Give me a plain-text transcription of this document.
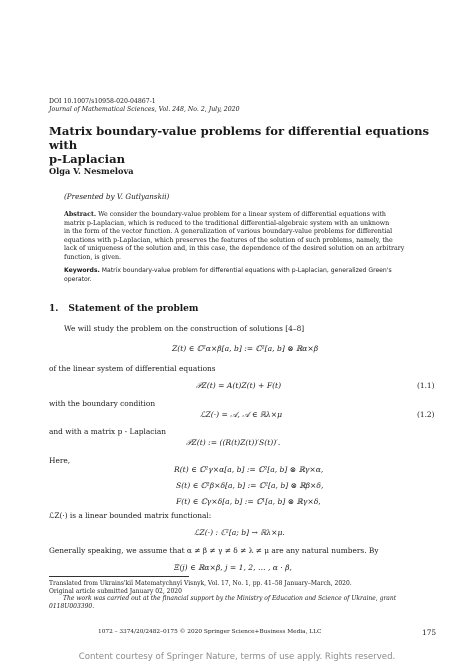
DOI 10.1007/s10958-020-04867-1
Journal of Mathematical Sciences, Vol. 248, No. 2, July, 2020
Matrix boundary-value problems for differential equations with
p-Laplacian
Olga V. Nesmelova
(Presented by V. Gutlyanskii)
Abstract. We consider the boundary-value problem for a linear system of differential equations with
matrix p-Laplacian, which is reduced to the traditional differential-algebraic system with an unknown
in the form of the vector function. A generalization of various boundary-value problems for differential
equations with p-Laplacian, which preserves the features of the solution of such problems, namely, the
lack of uniqueness of the solution and, in this case, the dependence of the desired solution on an arbitrary
function, is given.
Keywords. Matrix boundary-value problem for differential equations with p-Laplacian, generalized Green's
operator.
1. Statement of the problem
We will study the problem on the construction of solutions [4–8]
Z(t) ∈ ℂ²α×β[a, b] := ℂ²[a, b] ⊗ ℝα×β
of the linear system of differential equations
𝒫Z(t) = A(t)Z(t) + F(t)	(1.1)
with the boundary condition
ℒZ(·) = 𝒜, 𝒜 ∈ ℝλ×μ	(1.2)
and with a matrix p - Laplacian
𝒫Z(t) := ((R(t)Z(t))′S(t))′.
Here,
R(t) ∈ ℂ²γ×α[a, b] := ℂ²[a, b] ⊗ ℝγ×α,
S(t) ∈ ℂ²β×δ[a, b] := ℂ²[a, b] ⊗ ℝβ×δ,
F(t) ∈ ℂγ×δ[a, b] := ℂ¹[a, b] ⊗ ℝγ×δ,
ℒZ(·) is a linear bounded matrix functional:
ℒZ(·) : ℂ²[a; b] → ℝλ×μ.
Generally speaking, we assume that α ≠ β ≠ γ ≠ δ ≠ λ ≠ μ are any natural numbers. By
Ξ(j) ∈ ℝα×β, j = 1, 2, … , α · β,
Translated from Ukrains'kiĭ Matematychnyĭ Visnyk, Vol. 17, No. 1, pp. 41–58 January–March, 2020.
Original article submitted January 02, 2020
The work was carried out at the financial support by the Ministry of Education and Science of Ukraine, grant
0118U003390.
1072 – 3374/20/2482–0175 © 2020 Springer Science+Business Media, LLC	175
Content courtesy of Springer Nature, terms of use apply. Rights reserved.
